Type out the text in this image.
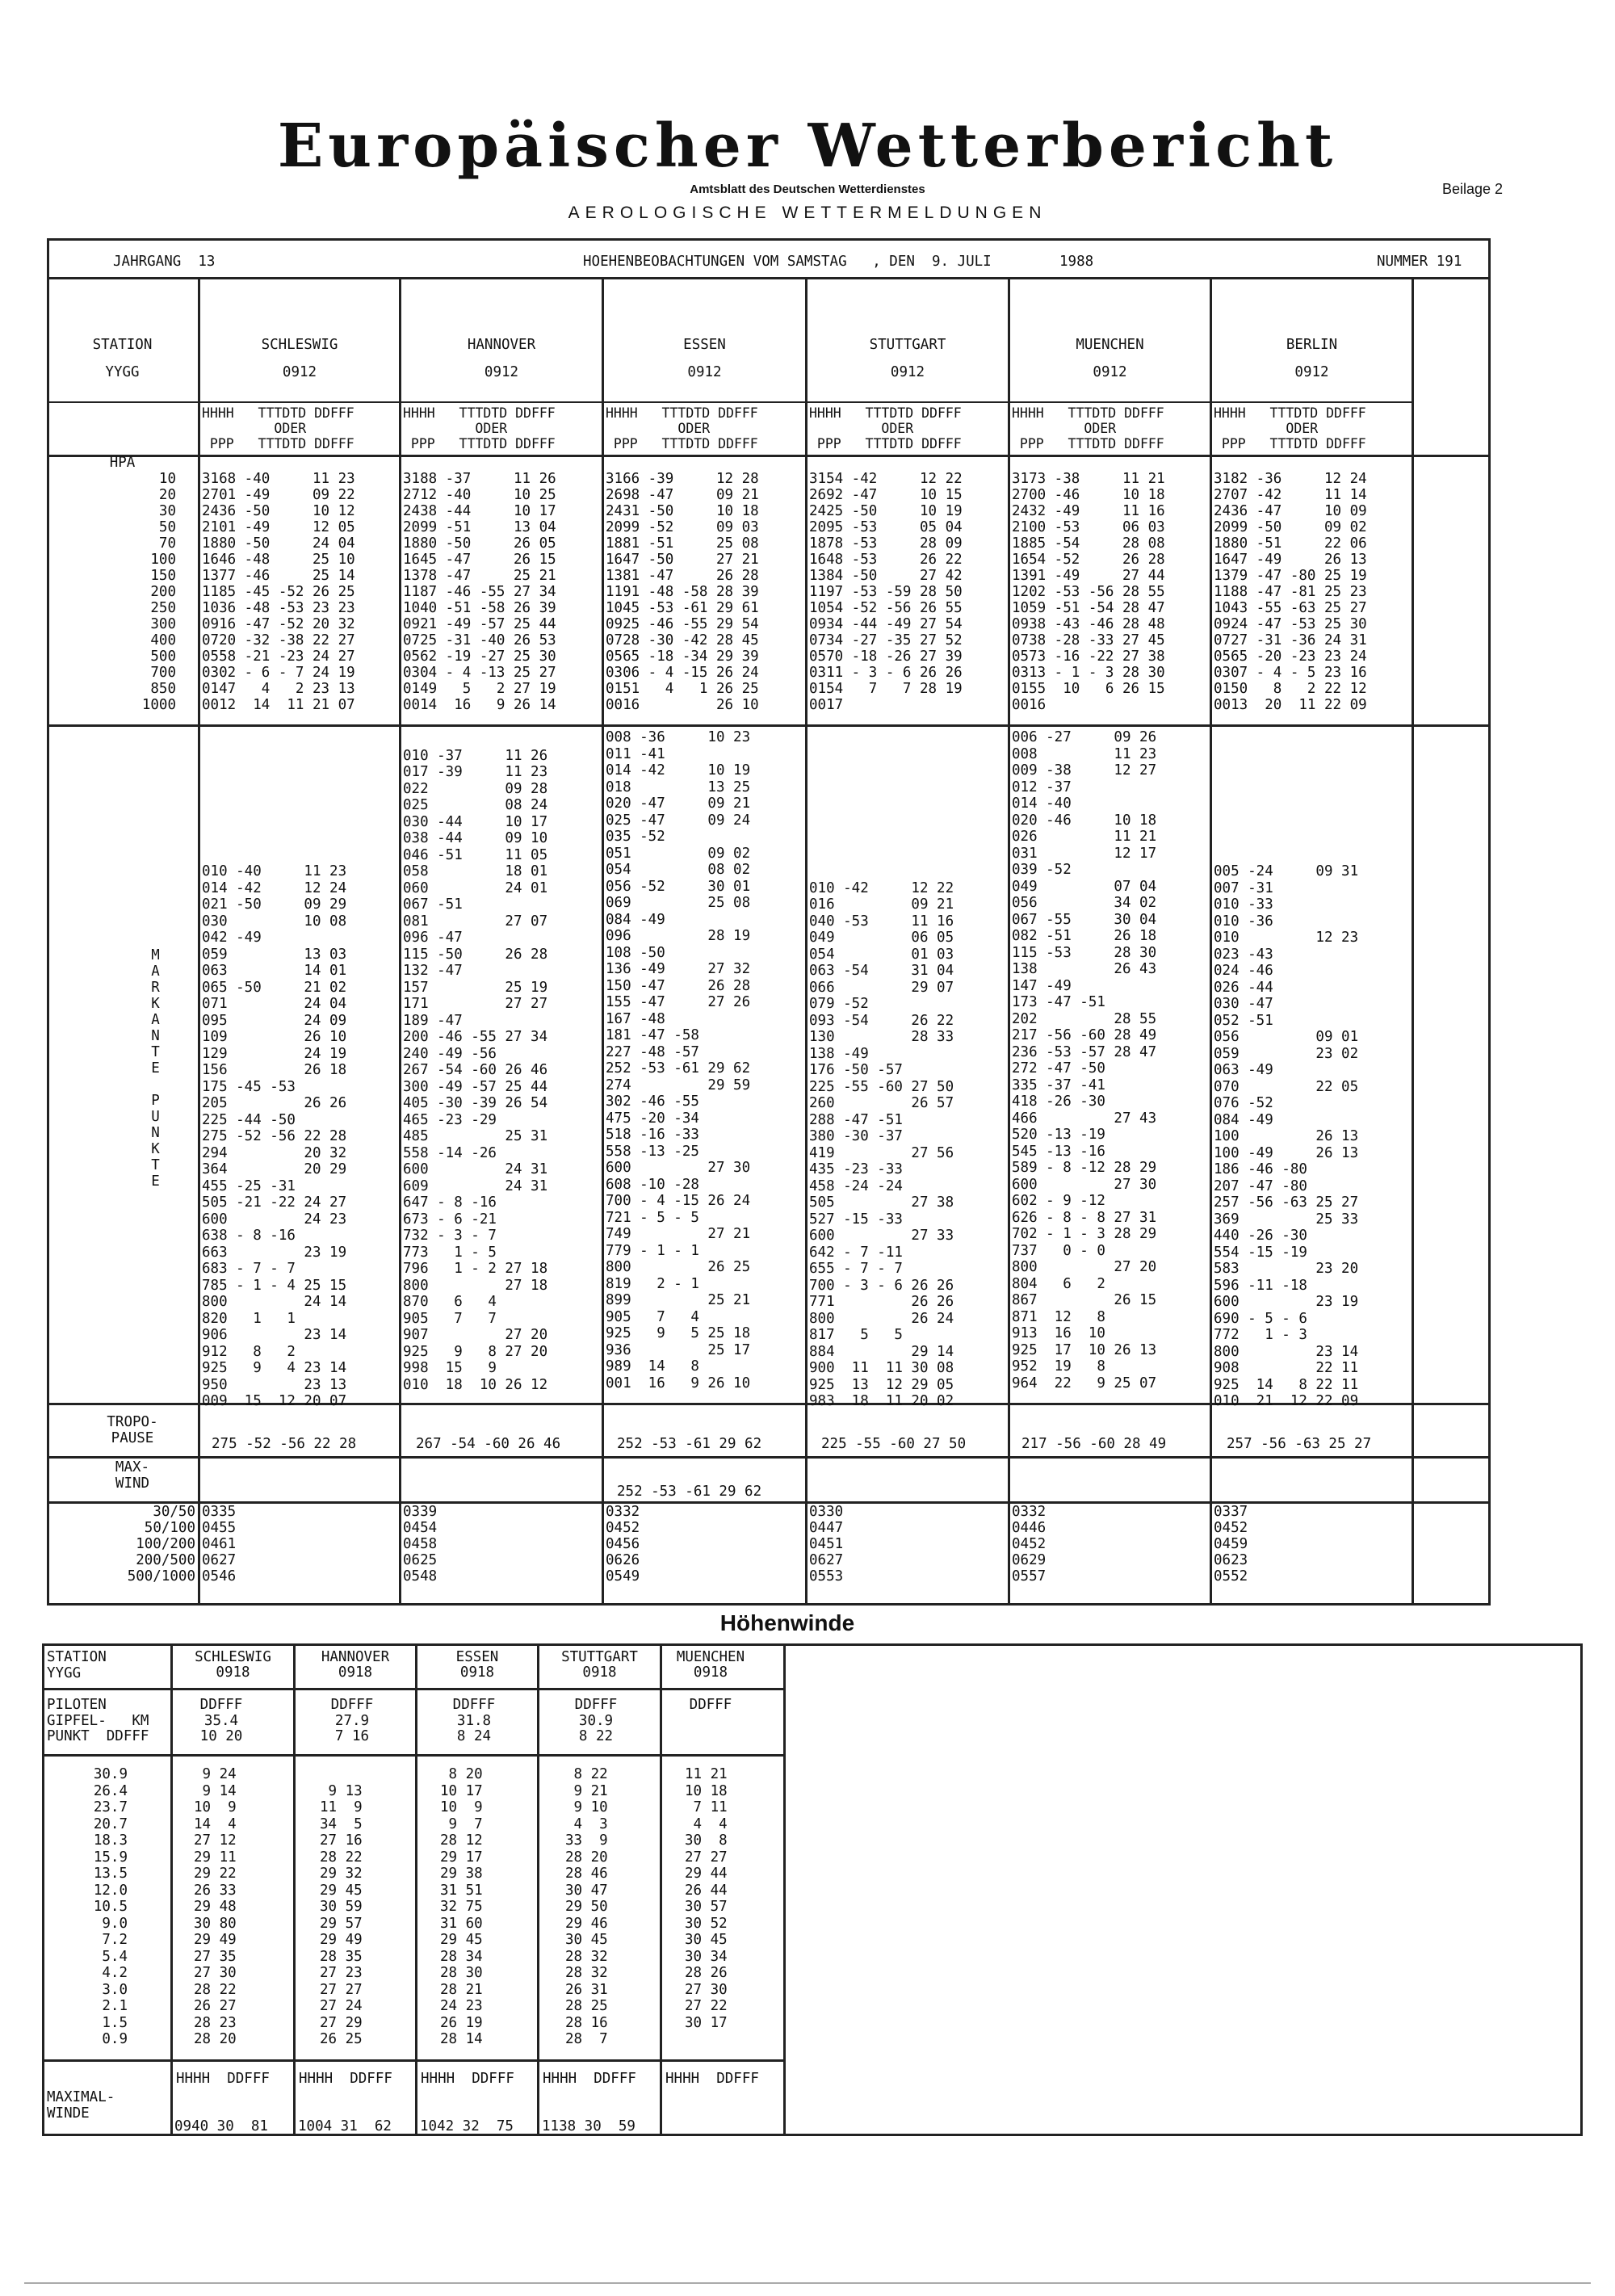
Europäischer Wetterbericht
Amtsblatt des Deutschen Wetterdienstes
AEROLOGISCHE WETTERMELDUNGEN
Beilage 2
JAHRGANG  13	HOEHENBEOBACHTUNGEN VOM SAMSTAG   , DEN  9. JULI        1988	NUMMER 191
STATION
YYGG
HPA
10
20
30
50
70
100
150
200
250
300
400
500
700
850
1000
M
A
R
K
A
N
T
E

P
U
N
K
T
E
TROPO-
PAUSE
MAX-
WIND
30/50
50/100
100/200
200/500
500/1000
SCHLESWIG
0912
HHHH   TTTDTD DDFFF
ODER
PPP   TTTDTD DDFFF
3168 -40     11 23
2701 -49     09 22
2436 -50     10 12
2101 -49     12 05
1880 -50     24 04
1646 -48     25 10
1377 -46     25 14
1185 -45 -52 26 25
1036 -48 -53 23 23
0916 -47 -52 20 32
0720 -32 -38 22 27
0558 -21 -23 24 27
0302 - 6 - 7 24 19
0147   4   2 23 13
0012  14  11 21 07

010 -40     11 23
014 -42     12 24
021 -50     09 29
030         10 08
042 -49
059         13 03
063         14 01
065 -50     21 02
071         24 04
095         24 09
109         26 10
129         24 19
156         26 18
175 -45 -53
205         26 26
225 -44 -50
275 -52 -56 22 28
294         20 32
364         20 29
455 -25 -31
505 -21 -22 24 27
600         24 23
638 - 8 -16
663         23 19
683 - 7 - 7
785 - 1 - 4 25 15
800         24 14
820   1   1
906         23 14
912   8   2
925   9   4 23 14
950         23 13
009  15  12 20 07
275 -52 -56 22 28
0335
0455
0461
0627
0546
HANNOVER
0912
HHHH   TTTDTD DDFFF
ODER
PPP   TTTDTD DDFFF
3188 -37     11 26
2712 -40     10 25
2438 -44     10 17
2099 -51     13 04
1880 -50     26 05
1645 -47     26 15
1378 -47     25 21
1187 -46 -55 27 34
1040 -51 -58 26 39
0921 -49 -57 25 44
0725 -31 -40 26 53
0562 -19 -27 25 30
0304 - 4 -13 25 27
0149   5   2 27 19
0014  16   9 26 14

010 -37     11 26
017 -39     11 23
022         09 28
025         08 24
030 -44     10 17
038 -44     09 10
046 -51     11 05
058         18 01
060         24 01
067 -51
081         27 07
096 -47
115 -50     26 28
132 -47
157         25 19
171         27 27
189 -47
200 -46 -55 27 34
240 -49 -56
267 -54 -60 26 46
300 -49 -57 25 44
405 -30 -39 26 54
465 -23 -29
485         25 31
558 -14 -26
600         24 31
609         24 31
647 - 8 -16
673 - 6 -21
732 - 3 - 7
773   1 - 5
796   1 - 2 27 18
800         27 18
870   6   4
905   7   7
907         27 20
925   9   8 27 20
998  15   9
010  18  10 26 12
267 -54 -60 26 46
0339
0454
0458
0625
0548
ESSEN
0912
HHHH   TTTDTD DDFFF
ODER
PPP   TTTDTD DDFFF
3166 -39     12 28
2698 -47     09 21
2431 -50     10 18
2099 -52     09 03
1881 -51     25 08
1647 -50     27 21
1381 -47     26 28
1191 -48 -58 28 39
1045 -53 -61 29 61
0925 -46 -55 29 54
0728 -30 -42 28 45
0565 -18 -34 29 39
0306 - 4 -15 26 24
0151   4   1 26 25
0016         26 10
008 -36     10 23
011 -41
014 -42     10 19
018         13 25
020 -47     09 21
025 -47     09 24
035 -52
051         09 02
054         08 02
056 -52     30 01
069         25 08
084 -49
096         28 19
108 -50
136 -49     27 32
150 -47     26 28
155 -47     27 26
167 -48
181 -47 -58
227 -48 -57
252 -53 -61 29 62
274         29 59
302 -46 -55
475 -20 -34
518 -16 -33
558 -13 -25
600         27 30
608 -10 -28
700 - 4 -15 26 24
721 - 5 - 5
749         27 21
779 - 1 - 1
800         26 25
819   2 - 1
899         25 21
905   7   4
925   9   5 25 18
936         25 17
989  14   8
001  16   9 26 10
252 -53 -61 29 62
252 -53 -61 29 62
0332
0452
0456
0626
0549
STUTTGART
0912
HHHH   TTTDTD DDFFF
ODER
PPP   TTTDTD DDFFF
3154 -42     12 22
2692 -47     10 15
2425 -50     10 19
2095 -53     05 04
1878 -53     28 09
1648 -53     26 22
1384 -50     27 42
1197 -53 -59 28 50
1054 -52 -56 26 55
0934 -44 -49 27 54
0734 -27 -35 27 52
0570 -18 -26 27 39
0311 - 3 - 6 26 26
0154   7   7 28 19
0017

010 -42     12 22
016         09 21
040 -53     11 16
049         06 05
054         01 03
063 -54     31 04
066         29 07
079 -52
093 -54     26 22
130         28 33
138 -49
176 -50 -57
225 -55 -60 27 50
260         26 57
288 -47 -51
380 -30 -37
419         27 56
435 -23 -33
458 -24 -24
505         27 38
527 -15 -33
600         27 33
642 - 7 -11
655 - 7 - 7
700 - 3 - 6 26 26
771         26 26
800         26 24
817   5   5
884         29 14
900  11  11 30 08
925  13  12 29 05
983  18  11 20 02
225 -55 -60 27 50
0330
0447
0451
0627
0553
MUENCHEN
0912
HHHH   TTTDTD DDFFF
ODER
PPP   TTTDTD DDFFF
3173 -38     11 21
2700 -46     10 18
2432 -49     11 16
2100 -53     06 03
1885 -54     28 08
1654 -52     26 28
1391 -49     27 44
1202 -53 -56 28 55
1059 -51 -54 28 47
0938 -43 -46 28 48
0738 -28 -33 27 45
0573 -16 -22 27 38
0313 - 1 - 3 28 30
0155  10   6 26 15
0016
006 -27     09 26
008         11 23
009 -38     12 27
012 -37
014 -40
020 -46     10 18
026         11 21
031         12 17
039 -52
049         07 04
056         34 02
067 -55     30 04
082 -51     26 18
115 -53     28 30
138         26 43
147 -49
173 -47 -51
202         28 55
217 -56 -60 28 49
236 -53 -57 28 47
272 -47 -50
335 -37 -41
418 -26 -30
466         27 43
520 -13 -19
545 -13 -16
589 - 8 -12 28 29
600         27 30
602 - 9 -12
626 - 8 - 8 27 31
702 - 1 - 3 28 29
737   0 - 0
800         27 20
804   6   2
867         26 15
871  12   8
913  16  10
925  17  10 26 13
952  19   8
964  22   9 25 07
217 -56 -60 28 49
0332
0446
0452
0629
0557
BERLIN
0912
HHHH   TTTDTD DDFFF
ODER
PPP   TTTDTD DDFFF
3182 -36     12 24
2707 -42     11 14
2436 -47     10 09
2099 -50     09 02
1880 -51     22 06
1647 -49     26 13
1379 -47 -80 25 19
1188 -47 -81 25 23
1043 -55 -63 25 27
0924 -47 -53 25 30
0727 -31 -36 24 31
0565 -20 -23 23 24
0307 - 4 - 5 23 16
0150   8   2 22 12
0013  20  11 22 09

005 -24     09 31
007 -31
010 -33
010 -36
010         12 23
023 -43
024 -46
026 -44
030 -47
052 -51
056         09 01
059         23 02
063 -49
070         22 05
076 -52
084 -49
100         26 13
100 -49     26 13
186 -46 -80
207 -47 -80
257 -56 -63 25 27
369         25 33
440 -26 -30
554 -15 -19
583         23 20
596 -11 -18
600         23 19
690 - 5 - 6
772   1 - 3
800         23 14
908         22 11
925  14   8 22 11
010  21  12 22 09
257 -56 -63 25 27
0337
0452
0459
0623
0552
Höhenwinde
STATION
YYGG
PILOTEN
GIPFEL-   KM
PUNKT  DDFFF
30.9
26.4
23.7
20.7
18.3
15.9
13.5
12.0
10.5
9.0
7.2
5.4
4.2
3.0
2.1
1.5
0.9
MAXIMAL-
WINDE
SCHLESWIG
0918
DDFFF
35.4
10 20
9 24
9 14
10  9
14  4
27 12
29 11
29 22
26 33
29 48
30 80
29 49
27 35
27 30
28 22
26 27
28 23
28 20
HHHH  DDFFF
0940 30  81
HANNOVER
0918
DDFFF
27.9
7 16

9 13
11  9
34  5
27 16
28 22
29 32
29 45
30 59
29 57
29 49
28 35
27 23
27 27
27 24
27 29
26 25
HHHH  DDFFF
1004 31  62
ESSEN
0918
DDFFF
31.8
8 24
8 20
10 17
10  9
9  7
28 12
29 17
29 38
31 51
32 75
31 60
29 45
28 34
28 30
28 21
24 23
26 19
28 14
HHHH  DDFFF
1042 32  75
STUTTGART
0918
DDFFF
30.9
8 22
8 22
9 21
9 10
4  3
33  9
28 20
28 46
30 47
29 50
29 46
30 45
28 32
28 32
26 31
28 25
28 16
28  7
HHHH  DDFFF
1138 30  59
MUENCHEN
0918
DDFFF

11 21
10 18
7 11
4  4
30  8
27 27
29 44
26 44
30 57
30 52
30 45
30 34
28 26
27 30
27 22
30 17

HHHH  DDFFF
